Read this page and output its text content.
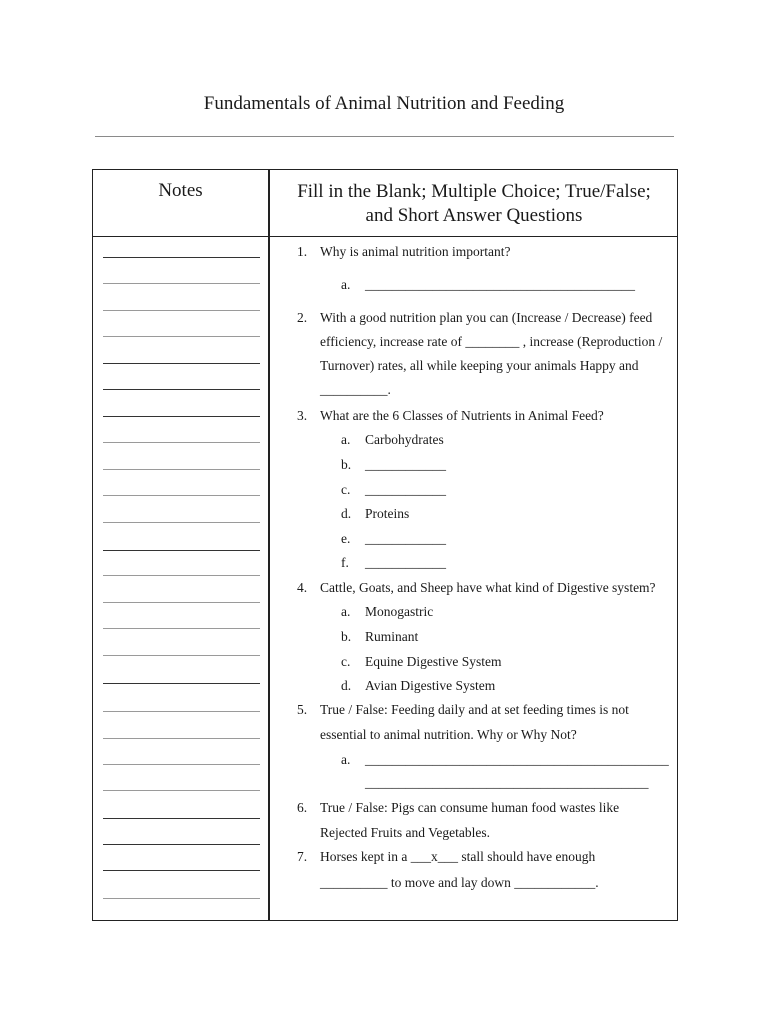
Fundamentals of Animal Nutrition and Feeding
Notes	Fill in the Blank; Multiple Choice; True/False;
and Short Answer Questions
1. Why is animal nutrition important?
a. ________________________________________
2. With a good nutrition plan you can (Increase / Decrease) feed
efficiency, increase rate of ________ , increase (Reproduction /
Turnover) rates, all while keeping your animals Happy and
__________.
3. What are the 6 Classes of Nutrients in Animal Feed?
a. Carbohydrates
b. ____________
c. ____________
d. Proteins
e. ____________
f. ____________
4. Cattle, Goats, and Sheep have what kind of Digestive system?
a. Monogastric
b. Ruminant
c. Equine Digestive System
d. Avian Digestive System
5. True / False: Feeding daily and at set feeding times is not
essential to animal nutrition. Why or Why Not?
a. _____________________________________________
__________________________________________
6. True / False: Pigs can consume human food wastes like
Rejected Fruits and Vegetables.
7. Horses kept in a ___x___ stall should have enough
__________ to move and lay down ____________.
